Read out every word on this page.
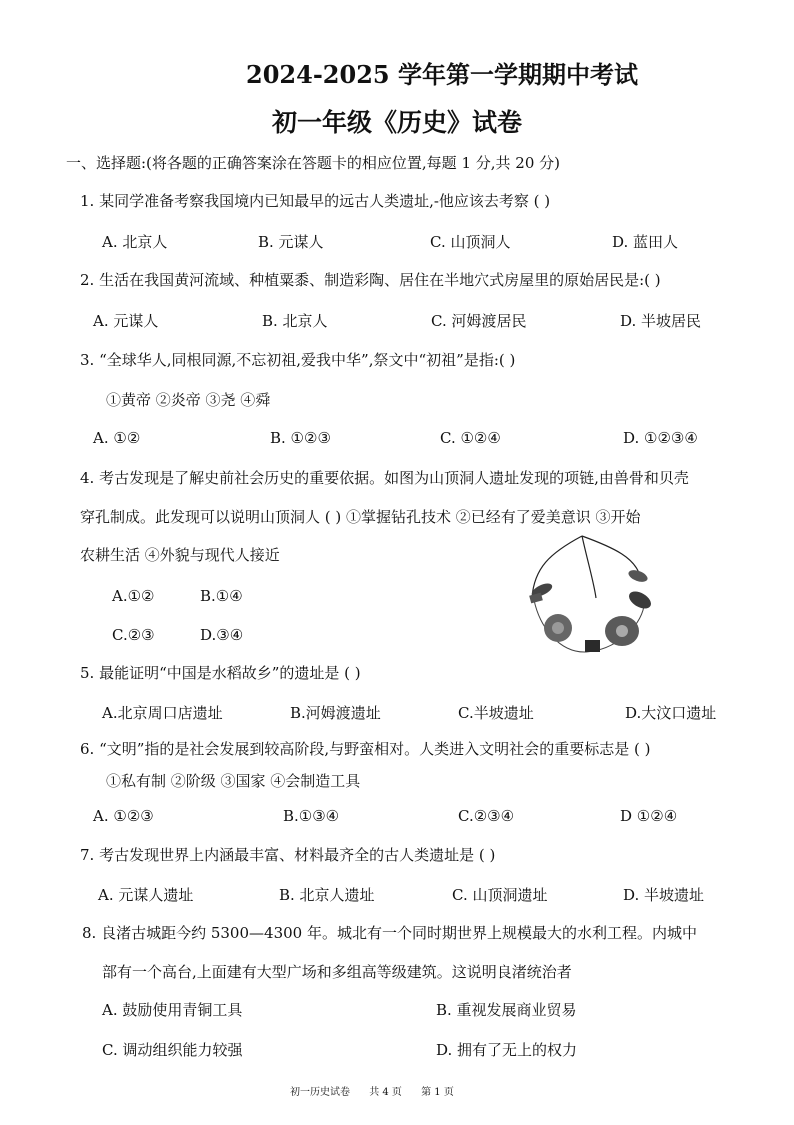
2024-2025 学年第一学期期中考试
初一年级《历史》试卷
一、选择题:(将各题的正确答案涂在答题卡的相应位置,每题 1 分,共 20 分)
1. 某同学准备考察我国境内已知最早的远古人类遗址,-他应该去考察 ( )
A. 北京人	B. 元谋人	C. 山顶洞人	D. 蓝田人
2. 生活在我国黄河流域、种植粟黍、制造彩陶、居住在半地穴式房屋里的原始居民是:( )
A. 元谋人	B. 北京人	C. 河姆渡居民	D. 半坡居民
3. “全球华人,同根同源,不忘初祖,爱我中华”,祭文中“初祖”是指:( )
①黄帝 ②炎帝 ③尧 ④舜
A. ①②	B. ①②③	C. ①②④	D. ①②③④
4. 考古发现是了解史前社会历史的重要依据。如图为山顶洞人遗址发现的项链,由兽骨和贝壳
穿孔制成。此发现可以说明山顶洞人 ( ) ①掌握钻孔技术 ②已经有了爱美意识 ③开始
农耕生活 ④外貌与现代人接近
A.①②	B.①④
C.②③	D.③④
5. 最能证明“中国是水稻故乡”的遗址是 ( )
A.北京周口店遗址	B.河姆渡遗址	C.半坡遗址	D.大汶口遗址
6. “文明”指的是社会发展到较高阶段,与野蛮相对。人类进入文明社会的重要标志是 ( )
①私有制 ②阶级 ③国家 ④会制造工具
A. ①②③	B.①③④	C.②③④	D ①②④
7. 考古发现世界上内涵最丰富、材料最齐全的古人类遗址是 ( )
A. 元谋人遗址	B. 北京人遗址	C. 山顶洞遗址	D. 半坡遗址
8. 良渚古城距今约 5300—4300 年。城北有一个同时期世界上规模最大的水利工程。内城中
部有一个高台,上面建有大型广场和多组高等级建筑。这说明良渚统治者
A. 鼓励使用青铜工具	B. 重视发展商业贸易
C. 调动组织能力较强	D. 拥有了无上的权力
初一历史试卷 共 4 页 第 1 页
